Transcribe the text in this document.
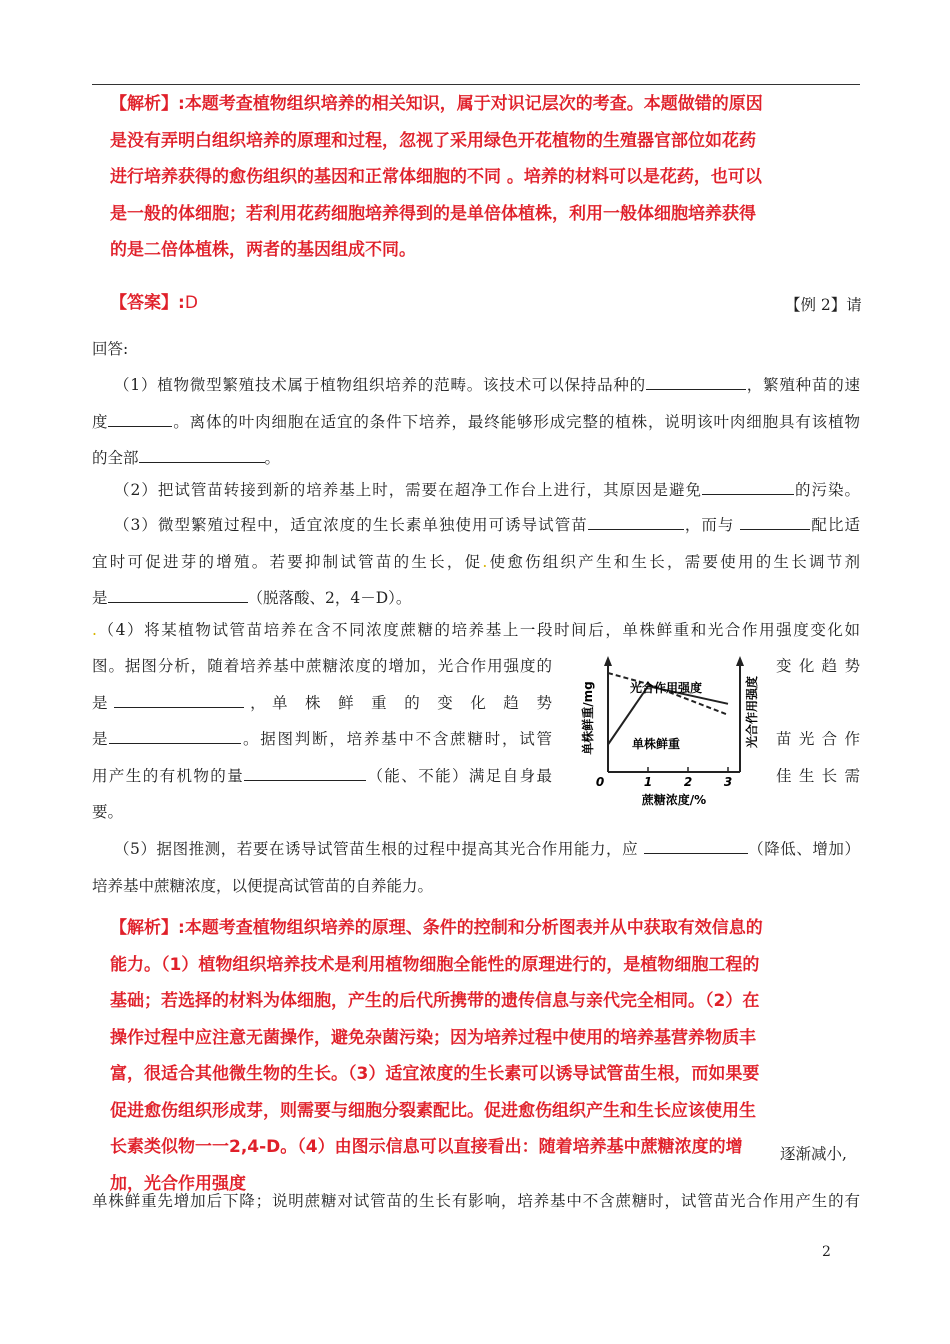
【解析】:本题考查植物组织培养的相关知识，属于对识记层次的考查。本题做错的原因是没有弄明白组织培养的原理和过程，忽视了采用绿色开花植物的生殖器官部位如花药进行培养获得的愈伤组织的基因和正常体细胞的不同 。培养的材料可以是花药，也可以是一般的体细胞；若利用花药细胞培养得到的是单倍体植株，利用一般体细胞培养获得的是二倍体植株，两者的基因组成不同。
【答案】:D	【例 2】请
回答:
（1）植物微型繁殖技术属于植物组织培养的范畴。该技术可以保持品种的	，繁殖种苗的速
度	。离体的叶肉细胞在适宜的条件下培养，最终能够形成完整的植株，说明该叶肉细胞具有该植物
的全部	。
（2）把试管苗转接到新的培养基上时，需要在超净工作台上进行，其原因是避免	的污染。
（3）微型繁殖过程中，适宜浓度的生长素单独使用可诱导试管苗	，而与	配比适
宜时可促进芽的增殖。若要抑制试管苗的生长，促.使愈伤组织产生和生长，需要使用的生长调节剂
是	（脱落酸、2，4－D）。
.（4）将某植物试管苗培养在含不同浓度蔗糖的培养基上一段时间后，单株鲜重和光合作用强度变化如
图。据图分析，随着培养基中蔗糖浓度的增加，光合作用强度的
是	，单 株 鲜 重 的 变 化 趋 势
是	。据图判断，培养基中不含蔗糖时，试管
用产生的有机物的量	（能、不能）满足自身最
要。
变 化 趋 势
苗 光 合 作
佳 生 长 需
0	1	2	3
蔗糖浓度/%
单株鲜重/mg	光合作用强度
光合作用强度
单株鲜重
（5）据图推测，若要在诱导试管苗生根的过程中提高其光合作用能力，应	（降低、增加）
培养基中蔗糖浓度，以便提高试管苗的自养能力。
【解析】:本题考查植物组织培养的原理、条件的控制和分析图表并从中获取有效信息的能力。（1）植物组织培养技术是利用植物细胞全能性的原理进行的，是植物细胞工程的基础；若选择的材料为体细胞，产生的后代所携带的遗传信息与亲代完全相同。（2）在操作过程中应注意无菌操作，避免杂菌污染；因为培养过程中使用的培养基营养物质丰富，很适合其他微生物的生长。（3）适宜浓度的生长素可以诱导试管苗生根，而如果要促进愈伤组织形成芽，则需要与细胞分裂素配比。促进愈伤组织产生和生长应该使用生长素类似物一一2,4-D。（4）由图示信息可以直接看出：随着培养基中蔗糖浓度的增加，光合作用强度
逐渐减小,
单株鲜重先增加后下降；说明蔗糖对试管苗的生长有影响，培养基中不含蔗糖时，试管苗光合作用产生的有
2
